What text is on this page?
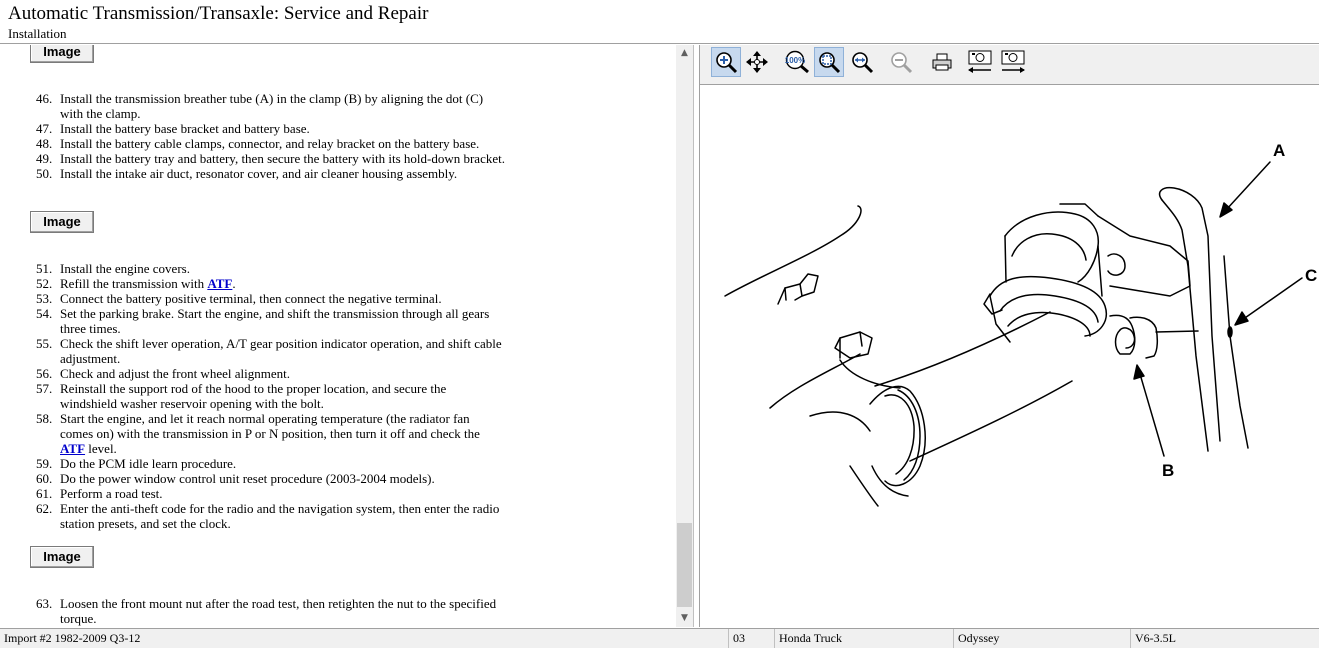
Automatic Transmission/Transaxle: Service and Repair
Installation
Image
46. Install the transmission breather tube (A) in the clamp (B) by aligning the dot (C) with the clamp.
47. Install the battery base bracket and battery base.
48. Install the battery cable clamps, connector, and relay bracket on the battery base.
49. Install the battery tray and battery, then secure the battery with its hold-down bracket.
50. Install the intake air duct, resonator cover, and air cleaner housing assembly.
Image
51. Install the engine covers.
52. Refill the transmission with ATF.
53. Connect the battery positive terminal, then connect the negative terminal.
54. Set the parking brake. Start the engine, and shift the transmission through all gears three times.
55. Check the shift lever operation, A/T gear position indicator operation, and shift cable adjustment.
56. Check and adjust the front wheel alignment.
57. Reinstall the support rod of the hood to the proper location, and secure the windshield washer reservoir opening with the bolt.
58. Start the engine, and let it reach normal operating temperature (the radiator fan comes on) with the transmission in P or N position, then turn it off and check the ATF level.
59. Do the PCM idle learn procedure.
60. Do the power window control unit reset procedure (2003-2004 models).
61. Perform a road test.
62. Enter the anti-theft code for the radio and the navigation system, then enter the radio station presets, and set the clock.
Image
63. Loosen the front mount nut after the road test, then retighten the nut to the specified torque.
▲
▼
100%
A
C
B
Import #2 1982-2009 Q3-12	03	Honda Truck	Odyssey	V6-3.5L
